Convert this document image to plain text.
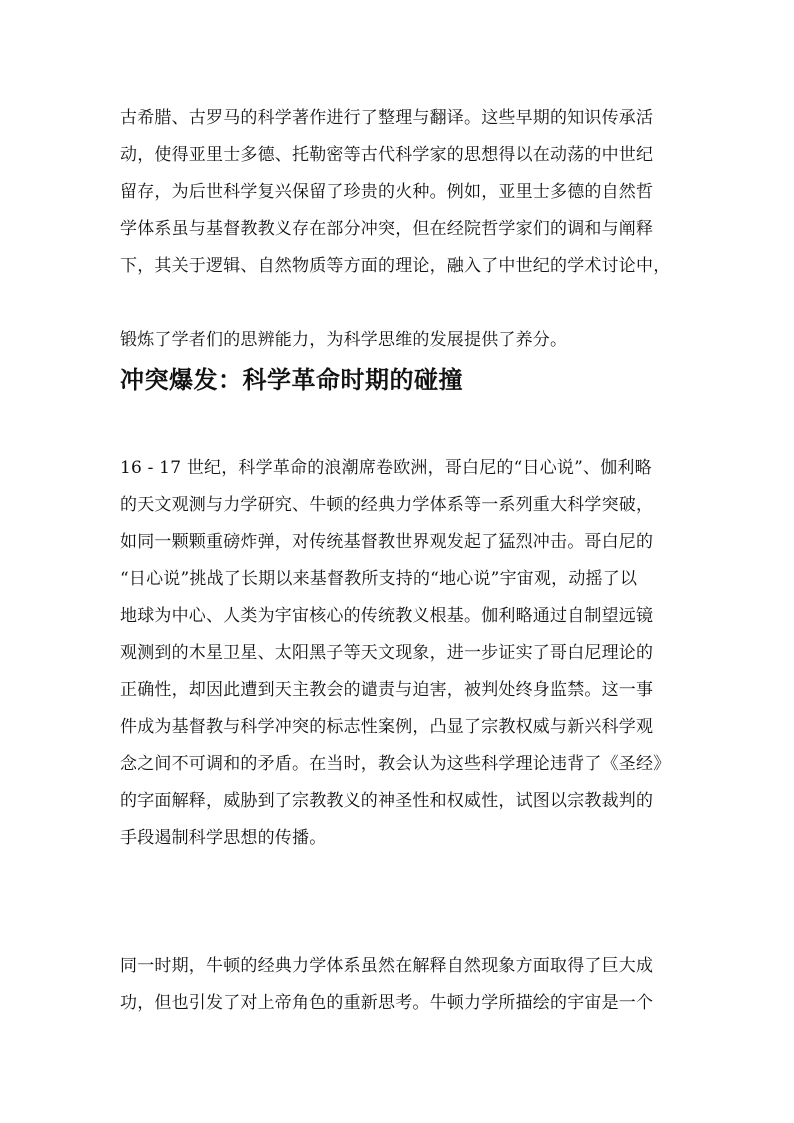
古希腊、古罗马的科学著作进行了整理与翻译。这些早期的知识传承活
动，使得亚里士多德、托勒密等古代科学家的思想得以在动荡的中世纪
留存，为后世科学复兴保留了珍贵的火种。例如，亚里士多德的自然哲
学体系虽与基督教教义存在部分冲突，但在经院哲学家们的调和与阐释
下，其关于逻辑、自然物质等方面的理论，融入了中世纪的学术讨论中，
锻炼了学者们的思辨能力，为科学思维的发展提供了养分。
冲突爆发：科学革命时期的碰撞
16 - 17 世纪，科学革命的浪潮席卷欧洲，哥白尼的“日心说”、伽利略
的天文观测与力学研究、牛顿的经典力学体系等一系列重大科学突破，
如同一颗颗重磅炸弹，对传统基督教世界观发起了猛烈冲击。哥白尼的
“日心说”挑战了长期以来基督教所支持的“地心说”宇宙观，动摇了以
地球为中心、人类为宇宙核心的传统教义根基。伽利略通过自制望远镜
观测到的木星卫星、太阳黑子等天文现象，进一步证实了哥白尼理论的
正确性，却因此遭到天主教会的谴责与迫害，被判处终身监禁。这一事
件成为基督教与科学冲突的标志性案例，凸显了宗教权威与新兴科学观
念之间不可调和的矛盾。在当时，教会认为这些科学理论违背了《圣经》
的字面解释，威胁到了宗教教义的神圣性和权威性，试图以宗教裁判的
手段遏制科学思想的传播。
同一时期，牛顿的经典力学体系虽然在解释自然现象方面取得了巨大成
功，但也引发了对上帝角色的重新思考。牛顿力学所描绘的宇宙是一个
